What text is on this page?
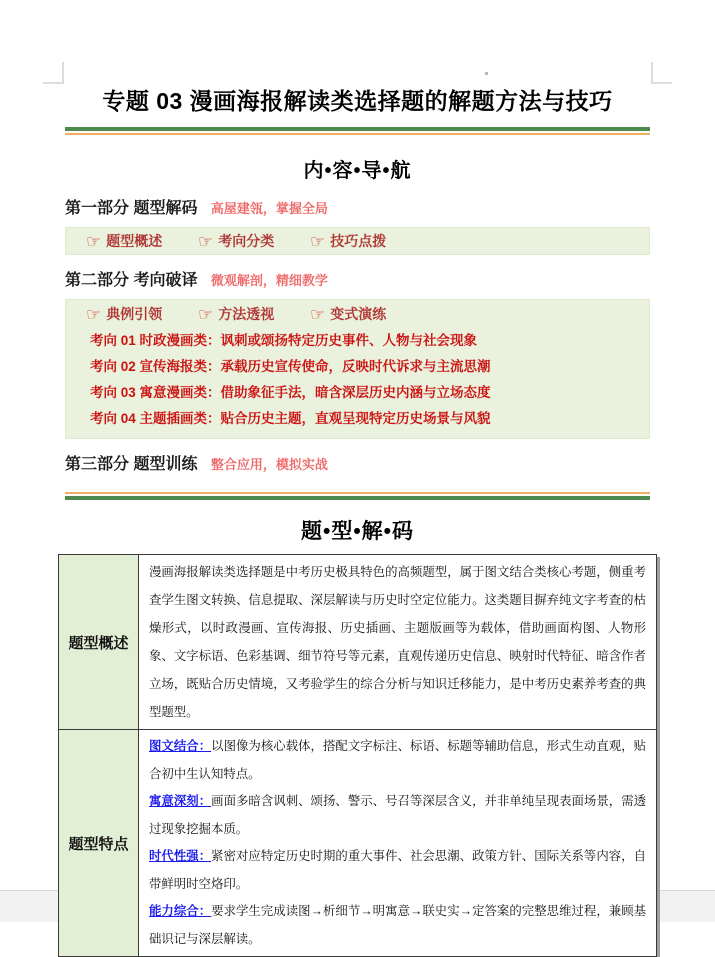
专题 03 漫画海报解读类选择题的解题方法与技巧
内•容•导•航
第一部分 题型解码 高屋建瓴，掌握全局
☞ 题型概述 ☞ 考向分类 ☞ 技巧点拨
第二部分 考向破译 微观解剖，精细教学
☞ 典例引领 ☞ 方法透视 ☞ 变式演练
考向 01 时政漫画类：讽刺或颂扬特定历史事件、人物与社会现象
考向 02 宣传海报类：承载历史宣传使命，反映时代诉求与主流思潮
考向 03 寓意漫画类：借助象征手法，暗含深层历史内涵与立场态度
考向 04 主题插画类：贴合历史主题，直观呈现特定历史场景与风貌
第三部分 题型训练 整合应用，模拟实战
题•型•解•码
题型概述	漫画海报解读类选择题是中考历史极具特色的高频题型，属于图文结合类核心考题，侧重考查学生图文转换、信息提取、深层解读与历史时空定位能力。这类题目摒弃纯文字考查的枯燥形式，以时政漫画、宣传海报、历史插画、主题版画等为载体，借助画面构图、人物形象、文字标语、色彩基调、细节符号等元素，直观传递历史信息、映射时代特征、暗含作者立场，既贴合历史情境，又考验学生的综合分析与知识迁移能力，是中考历史素养考查的典型题型。

题型特点	图文结合：以图像为核心载体，搭配文字标注、标语、标题等辅助信息，形式生动直观，贴合初中生认知特点。

寓意深刻：画面多暗含讽刺、颂扬、警示、号召等深层含义，并非单纯呈现表面场景，需透过现象挖掘本质。

时代性强：紧密对应特定历史时期的重大事件、社会思潮、政策方针、国际关系等内容，自带鲜明时空烙印。

能力综合：要求学生完成读图→析细节→明寓意→联史实→定答案的完整思维过程，兼顾基础识记与深层解读。
